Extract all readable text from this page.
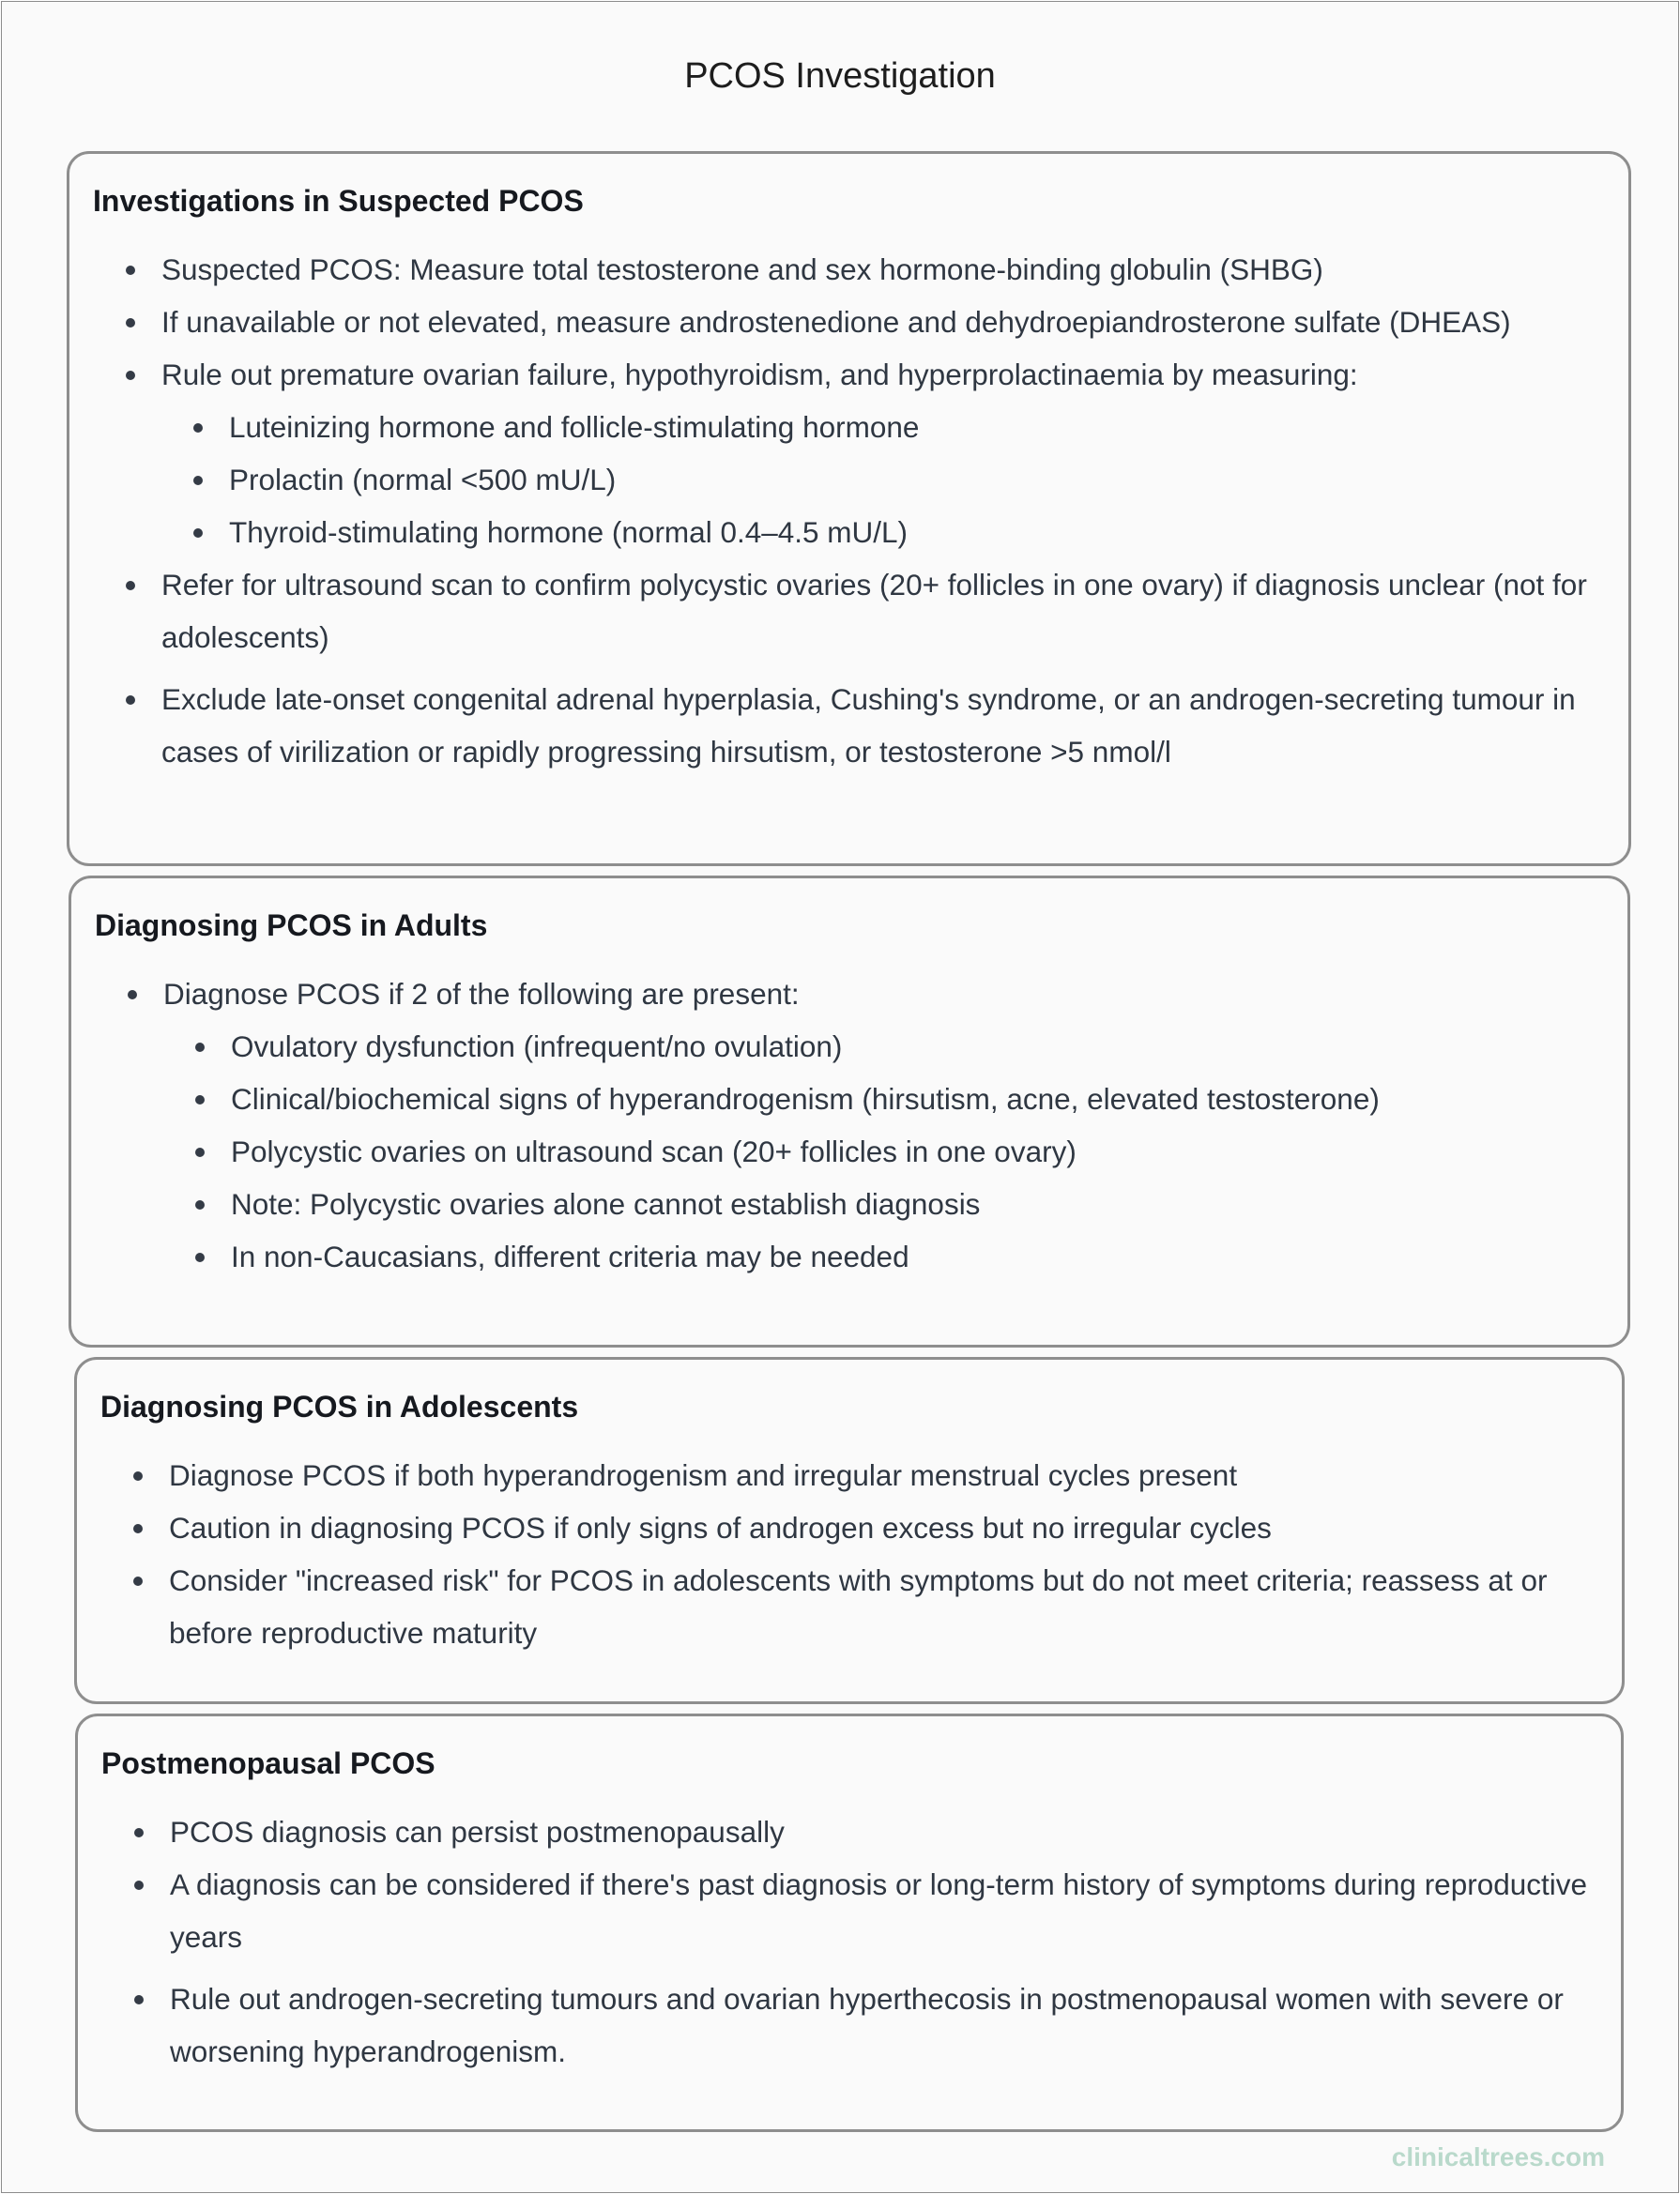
PCOS Investigation
Investigations in Suspected PCOS
Suspected PCOS: Measure total testosterone and sex hormone-binding globulin (SHBG)
If unavailable or not elevated, measure androstenedione and dehydroepiandrosterone sulfate (DHEAS)
Rule out premature ovarian failure, hypothyroidism, and hyperprolactinaemia by measuring:
Luteinizing hormone and follicle-stimulating hormone
Prolactin (normal <500 mU/L)
Thyroid-stimulating hormone (normal 0.4–4.5 mU/L)
Refer for ultrasound scan to confirm polycystic ovaries (20+ follicles in one ovary) if diagnosis unclear (not for adolescents)
Exclude late-onset congenital adrenal hyperplasia, Cushing's syndrome, or an androgen-secreting tumour in cases of virilization or rapidly progressing hirsutism, or testosterone >5 nmol/l
Diagnosing PCOS in Adults
Diagnose PCOS if 2 of the following are present:
Ovulatory dysfunction (infrequent/no ovulation)
Clinical/biochemical signs of hyperandrogenism (hirsutism, acne, elevated testosterone)
Polycystic ovaries on ultrasound scan (20+ follicles in one ovary)
Note: Polycystic ovaries alone cannot establish diagnosis
In non-Caucasians, different criteria may be needed
Diagnosing PCOS in Adolescents
Diagnose PCOS if both hyperandrogenism and irregular menstrual cycles present
Caution in diagnosing PCOS if only signs of androgen excess but no irregular cycles
Consider "increased risk" for PCOS in adolescents with symptoms but do not meet criteria; reassess at or before reproductive maturity
Postmenopausal PCOS
PCOS diagnosis can persist postmenopausally
A diagnosis can be considered if there's past diagnosis or long-term history of symptoms during reproductive years
Rule out androgen-secreting tumours and ovarian hyperthecosis in postmenopausal women with severe or worsening hyperandrogenism.
clinicaltrees.com
